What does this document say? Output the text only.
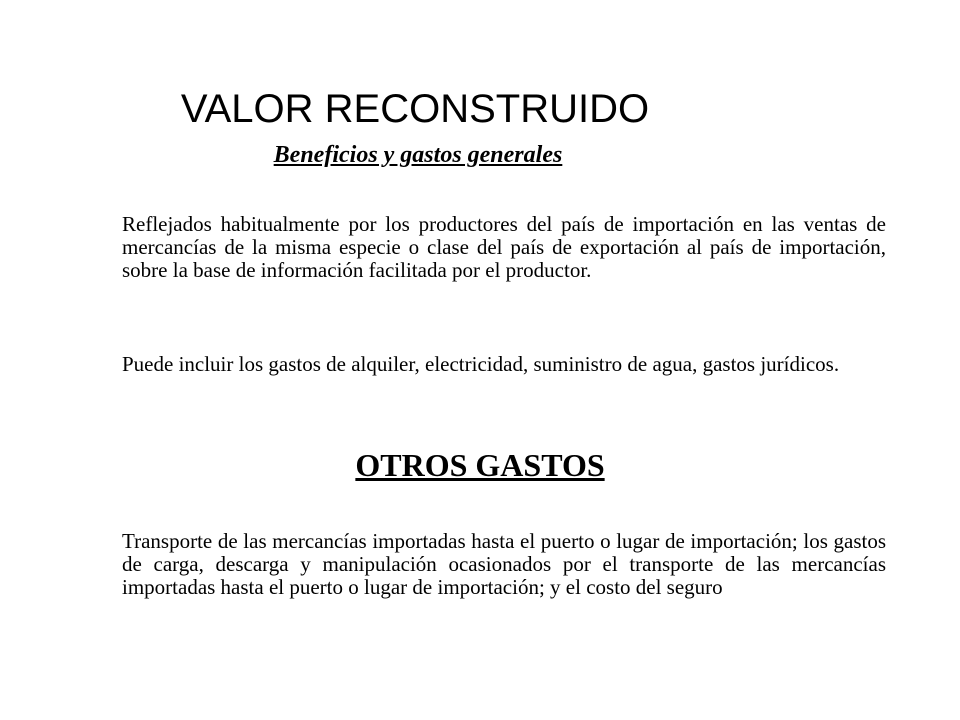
VALOR RECONSTRUIDO
Beneficios y gastos generales

Reflejados habitualmente por los productores del país de importación en las ventas de mercancías de la misma especie o clase del país de exportación al país de importación, sobre la base de información facilitada por el productor.

Puede incluir los gastos de alquiler, electricidad, suministro de agua, gastos jurídicos.

OTROS GASTOS

Transporte de las mercancías importadas hasta el puerto o lugar de importación; los gastos de carga, descarga y manipulación ocasionados por el transporte de las mercancías importadas hasta el puerto o lugar de importación; y el costo del seguro
